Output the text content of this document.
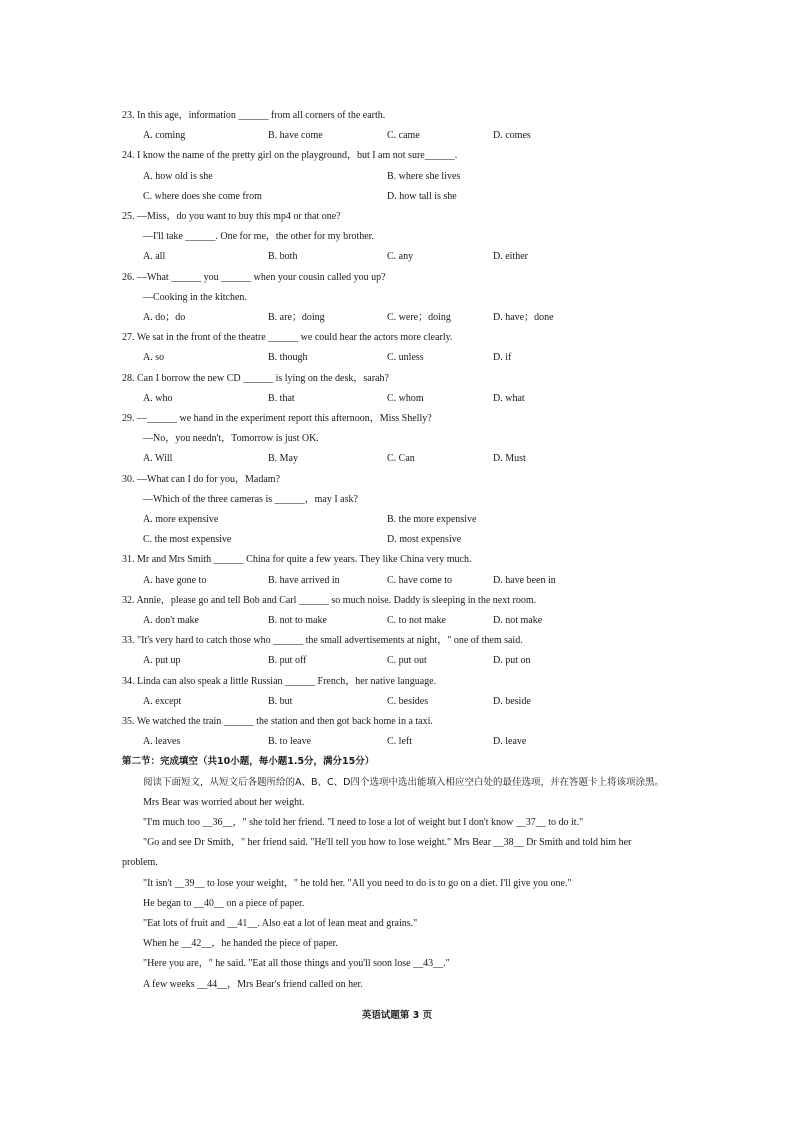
23. In this age，information ______ from all corners of the earth.
A. coming	B. have come	C. came	D. comes
24. I know the name of the pretty girl on the playground，but I am not sure______.
A. how old is she	B. where she lives
C. where does she come from	D. how tall is she
25. —Miss，do you want to buy this mp4 or that one?
—I'll take ______. One for me，the other for my brother.
A. all	B. both	C. any	D. either
26. —What ______ you ______ when your cousin called you up?
—Cooking in the kitchen.
A. do；do	B. are；doing	C. were；doing	D. have；done
27. We sat in the front of the theatre ______ we could hear the actors more clearly.
A. so	B. though	C. unless	D. if
28. Can I borrow the new CD ______ is lying on the desk，sarah?
A. who	B. that	C. whom	D. what
29. —______ we hand in the experiment report this afternoon，Miss Shelly?
—No，you needn't，Tomorrow is just OK.
A. Will	B. May	C. Can	D. Must
30. —What can I do for you，Madam?
—Which of the three cameras is ______，may I ask?
A. more expensive	B. the more expensive
C. the most expensive	D. most expensive
31. Mr and Mrs Smith ______ China for quite a few years. They like China very much.
A. have gone to	B. have arrived in	C. have come to	D. have been in
32. Annie，please go and tell Bob and Carl ______ so much noise. Daddy is sleeping in the next room.
A. don't make	B. not to make	C. to not make	D. not make
33. "It's very hard to catch those who ______ the small advertisements at night，" one of them said.
A. put up	B. put off	C. put out	D. put on
34. Linda can also speak a little Russian ______ French，her native language.
A. except	B. but	C. besides	D. beside
35. We watched the train ______ the station and then got back home in a taxi.
A. leaves	B. to leave	C. left	D. leave
第二节：完成填空（共10小题，每小题1.5分，满分15分）
阅读下面短文，从短文后各题所给的A、B、C、D四个选项中选出能填入相应空白处的最佳选项，并在答题卡上将该项涂黑。
Mrs Bear was worried about her weight.
"I'm much too __36__，" she told her friend. "I need to lose a lot of weight but I don't know __37__ to do it."
"Go and see Dr Smith，" her friend said. "He'll tell you how to lose weight." Mrs Bear __38__ Dr Smith and told him her
problem.
"It isn't __39__ to lose your weight，" he told her. "All you need to do is to go on a diet. I'll give you one."
He began to __40__ on a piece of paper.
"Eat lots of fruit and __41__. Also eat a lot of lean meat and grains."
When he __42__，he handed the piece of paper.
"Here you are，" he said. "Eat all those things and you'll soon lose __43__."
A few weeks __44__，Mrs Bear's friend called on her.
英语试题第 3 页
